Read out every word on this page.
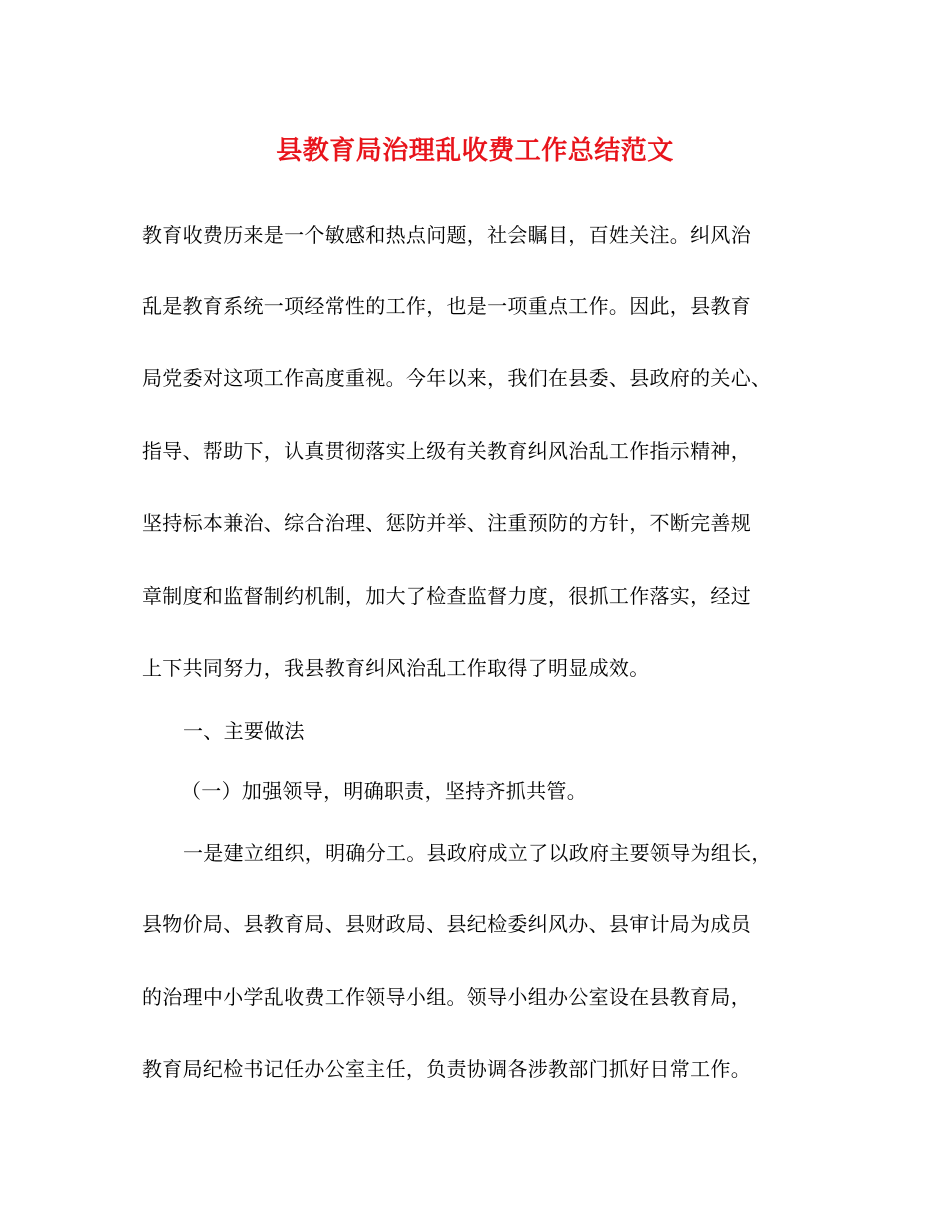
县教育局治理乱收费工作总结范文
教育收费历来是一个敏感和热点问题，社会瞩目，百姓关注。纠风治
乱是教育系统一项经常性的工作，也是一项重点工作。因此，县教育
局党委对这项工作高度重视。今年以来，我们在县委、县政府的关心、
指导、帮助下，认真贯彻落实上级有关教育纠风治乱工作指示精神，
坚持标本兼治、综合治理、惩防并举、注重预防的方针，不断完善规
章制度和监督制约机制，加大了检查监督力度，很抓工作落实，经过
上下共同努力，我县教育纠风治乱工作取得了明显成效。
一、主要做法
（一）加强领导，明确职责，坚持齐抓共管。
一是建立组织，明确分工。县政府成立了以政府主要领导为组长，
县物价局、县教育局、县财政局、县纪检委纠风办、县审计局为成员
的治理中小学乱收费工作领导小组。领导小组办公室设在县教育局，
教育局纪检书记任办公室主任，负责协调各涉教部门抓好日常工作。
